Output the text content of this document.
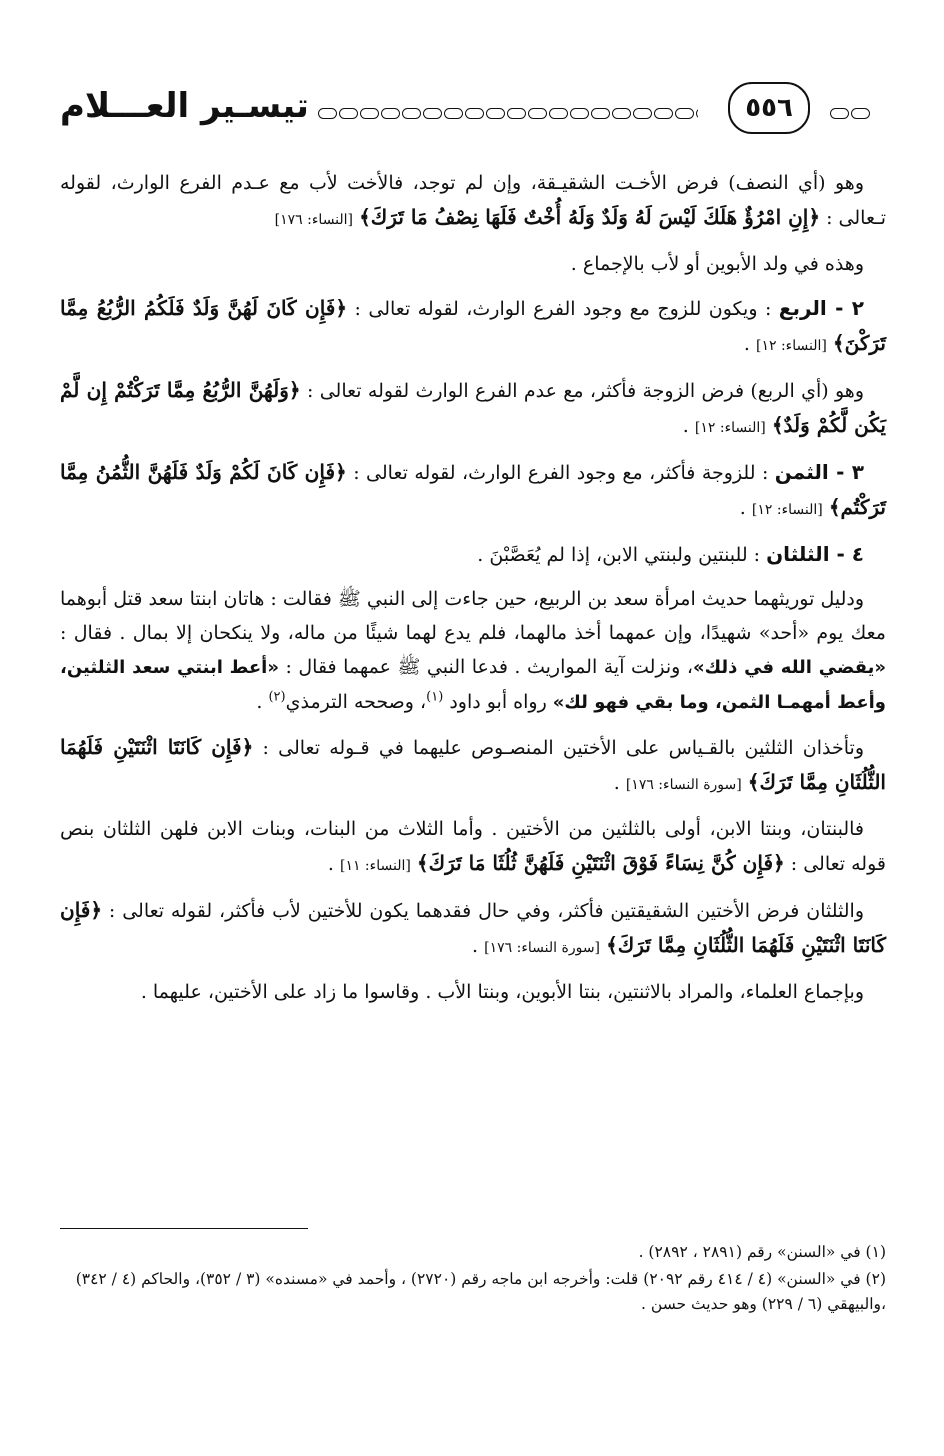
٥٥٦
تيسـير العـــلام

وهو (أي النصف) فرض الأخـت الشقيـقة، وإن لم توجد، فالأخت لأب مع عـدم الفرع الوارث، لقوله تـعالى : ﴿إِنِ امْرُؤٌ هَلَكَ لَيْسَ لَهُ وَلَدٌ وَلَهُ أُخْتٌ فَلَهَا نِصْفُ مَا تَرَكَ﴾ [النساء: ١٧٦]

وهذه في ولد الأبوين أو لأب بالإجماع .

٢ - الربع : ويكون للزوج مع وجود الفرع الوارث، لقوله تعالى : ﴿فَإِن كَانَ لَهُنَّ وَلَدٌ فَلَكُمُ الرُّبُعُ مِمَّا تَرَكْنَ﴾ [النساء: ١٢] .

وهو (أي الربع) فرض الزوجة فأكثر، مع عدم الفرع الوارث لقوله تعالى : ﴿وَلَهُنَّ الرُّبُعُ مِمَّا تَرَكْتُمْ إِن لَّمْ يَكُن لَّكُمْ وَلَدٌ﴾ [النساء: ١٢] .

٣ - الثمن : للزوجة فأكثر، مع وجود الفرع الوارث، لقوله تعالى : ﴿فَإِن كَانَ لَكُمْ وَلَدٌ فَلَهُنَّ الثُّمُنُ مِمَّا تَرَكْتُم﴾ [النساء: ١٢] .

٤ - الثلثان : للبنتين ولبنتي الابن، إذا لم يُعَصَّبْنَ .

ودليل توريثهما حديث امرأة سعد بن الربيع، حين جاءت إلى النبي ﷺ فقالت : هاتان ابنتا سعد قتل أبوهما معك يوم «أحد» شهيدًا، وإن عمهما أخذ مالهما، فلم يدع لهما شيئًا من ماله، ولا ينكحان إلا بمال . فقال : «يقضي الله في ذلك»، ونزلت آية المواريث . فدعا النبي ﷺ عمهما فقال : «أعط ابنتي سعد الثلثين، وأعط أمهمـا الثمن، وما بقي فهو لك» رواه أبو داود $^{(١)}$، وصححه الترمذي$^{(٢)}$ .

وتأخذان الثلثين بالقـياس على الأختين المنصـوص عليهما في قـوله تعالى : ﴿فَإِن كَانَتَا اثْنَتَيْنِ فَلَهُمَا الثُّلُثَانِ مِمَّا تَرَكَ﴾ [سورة النساء: ١٧٦] .

فالبنتان، وبنتا الابن، أولى بالثلثين من الأختين . وأما الثلاث من البنات، وبنات الابن فلهن الثلثان بنص قوله تعالى : ﴿فَإِن كُنَّ نِسَاءً فَوْقَ اثْنَتَيْنِ فَلَهُنَّ ثُلُثَا مَا تَرَكَ﴾ [النساء: ١١] .

والثلثان فرض الأختين الشقيقتين فأكثر، وفي حال فقدهما يكون للأختين لأب فأكثر، لقوله تعالى : ﴿فَإِن كَانَتَا اثْنَتَيْنِ فَلَهُمَا الثُّلُثَانِ مِمَّا تَرَكَ﴾ [سورة النساء: ١٧٦] .

وبإجماع العلماء، والمراد بالاثنتين، بنتا الأبوين، وبنتا الأب . وقاسوا ما زاد على الأختين، عليهما .

(١) في «السنن» رقم (٢٨٩١ ، ٢٨٩٢) .

(٢) في «السنن» (٤ / ٤١٤ رقم ٢٠٩٢) قلت: وأخرجه ابن ماجه رقم (٢٧٢٠) ، وأحمد في «مسنده» (٣ / ٣٥٢)، والحاكم (٤ / ٣٤٢) ،والبيهقي (٦ / ٢٢٩) وهو حديث حسن .
